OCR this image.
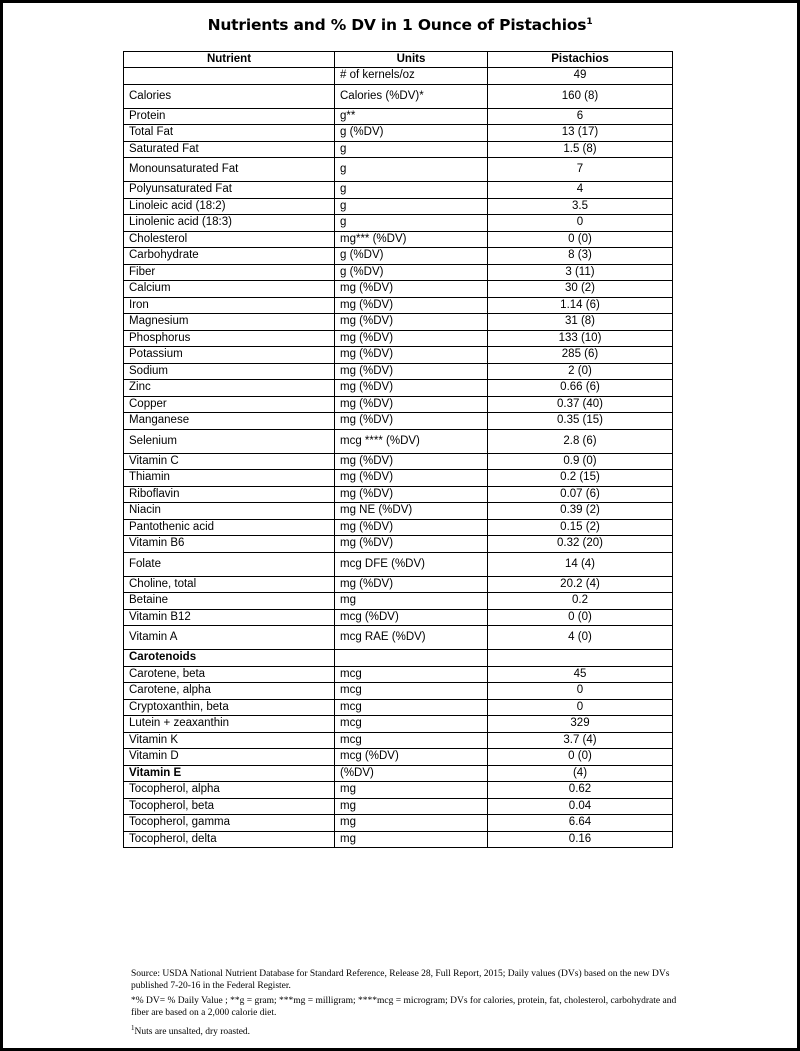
Nutrients and % DV in 1 Ounce of Pistachios$^1$
Nutrient	Units	Pistachios
	# of kernels/oz	49
Calories	Calories (%DV)*	160 (8)
Protein	g**	6
Total Fat	g (%DV)	13 (17)
Saturated Fat	g	1.5 (8)
Monounsaturated Fat	g	7
Polyunsaturated Fat	g	4
Linoleic acid (18:2)	g	3.5
Linolenic acid (18:3)	g	0
Cholesterol	mg*** (%DV)	0 (0)
Carbohydrate	g (%DV)	8 (3)
Fiber	g (%DV)	3 (11)
Calcium	mg (%DV)	30 (2)
Iron	mg (%DV)	1.14 (6)
Magnesium	mg (%DV)	31 (8)
Phosphorus	mg (%DV)	133 (10)
Potassium	mg (%DV)	285 (6)
Sodium	mg (%DV)	2 (0)
Zinc	mg (%DV)	0.66 (6)
Copper	mg (%DV)	0.37 (40)
Manganese	mg (%DV)	0.35 (15)
Selenium	mcg **** (%DV)	2.8 (6)
Vitamin C	mg (%DV)	0.9 (0)
Thiamin	mg (%DV)	0.2 (15)
Riboflavin	mg (%DV)	0.07 (6)
Niacin	mg NE (%DV)	0.39 (2)
Pantothenic acid	mg (%DV)	0.15 (2)
Vitamin B6	mg (%DV)	0.32 (20)
Folate	mcg DFE (%DV)	14 (4)
Choline, total	mg (%DV)	20.2 (4)
Betaine	mg	0.2
Vitamin B12	mcg (%DV)	0 (0)
Vitamin A	mcg RAE (%DV)	4 (0)
Carotenoids		
Carotene, beta	mcg	45
Carotene, alpha	mcg	0
Cryptoxanthin, beta	mcg	0
Lutein + zeaxanthin	mcg	329
Vitamin K	mcg	3.7 (4)
Vitamin D	mcg (%DV)	0 (0)
Vitamin E	(%DV)	(4)
Tocopherol, alpha	mg	0.62
Tocopherol, beta	mg	0.04
Tocopherol, gamma	mg	6.64
Tocopherol, delta	mg	0.16

Source: USDA National Nutrient Database for Standard Reference, Release 28, Full Report, 2015; Daily values (DVs) based on the new DVs published 7-20-16 in the Federal Register.

*% DV= % Daily Value ; **g = gram; ***mg = milligram; ****mcg = microgram; DVs for calories, protein, fat, cholesterol, carbohydrate and fiber are based on a 2,000 calorie diet.

$^1$Nuts are unsalted, dry roasted.
